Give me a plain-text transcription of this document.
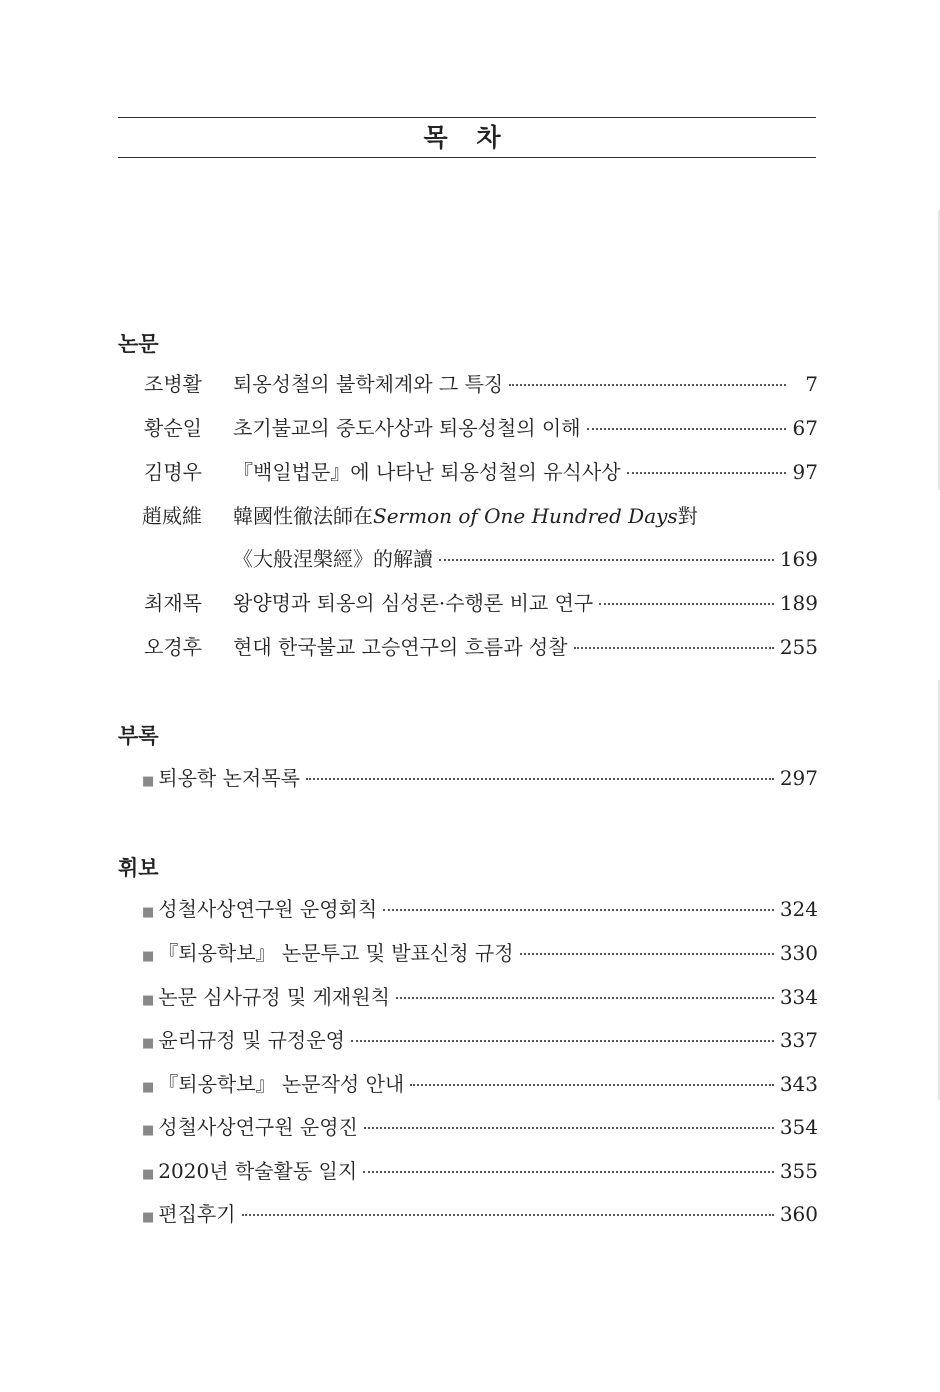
목 차
논문
조병활 퇴옹성철의 불학체계와 그 특징	7
황순일 초기불교의 중도사상과 퇴옹성철의 이해	67
김명우 『백일법문』에 나타난 퇴옹성철의 유식사상	97
趙威維 韓國性徹法師在Sermon of One Hundred Days對
《大般涅槃經》的解讀	169
최재목 왕양명과 퇴옹의 심성론·수행론 비교 연구	189
오경후 현대 한국불교 고승연구의 흐름과 성찰	255
부록
■ 퇴옹학 논저목록	297
휘보
■ 성철사상연구원 운영회칙	324
■ 『퇴옹학보』 논문투고 및 발표신청 규정	330
■ 논문 심사규정 및 게재원칙	334
■ 윤리규정 및 규정운영	337
■ 『퇴옹학보』 논문작성 안내	343
■ 성철사상연구원 운영진	354
■ 2020년 학술활동 일지	355
■ 편집후기	360
